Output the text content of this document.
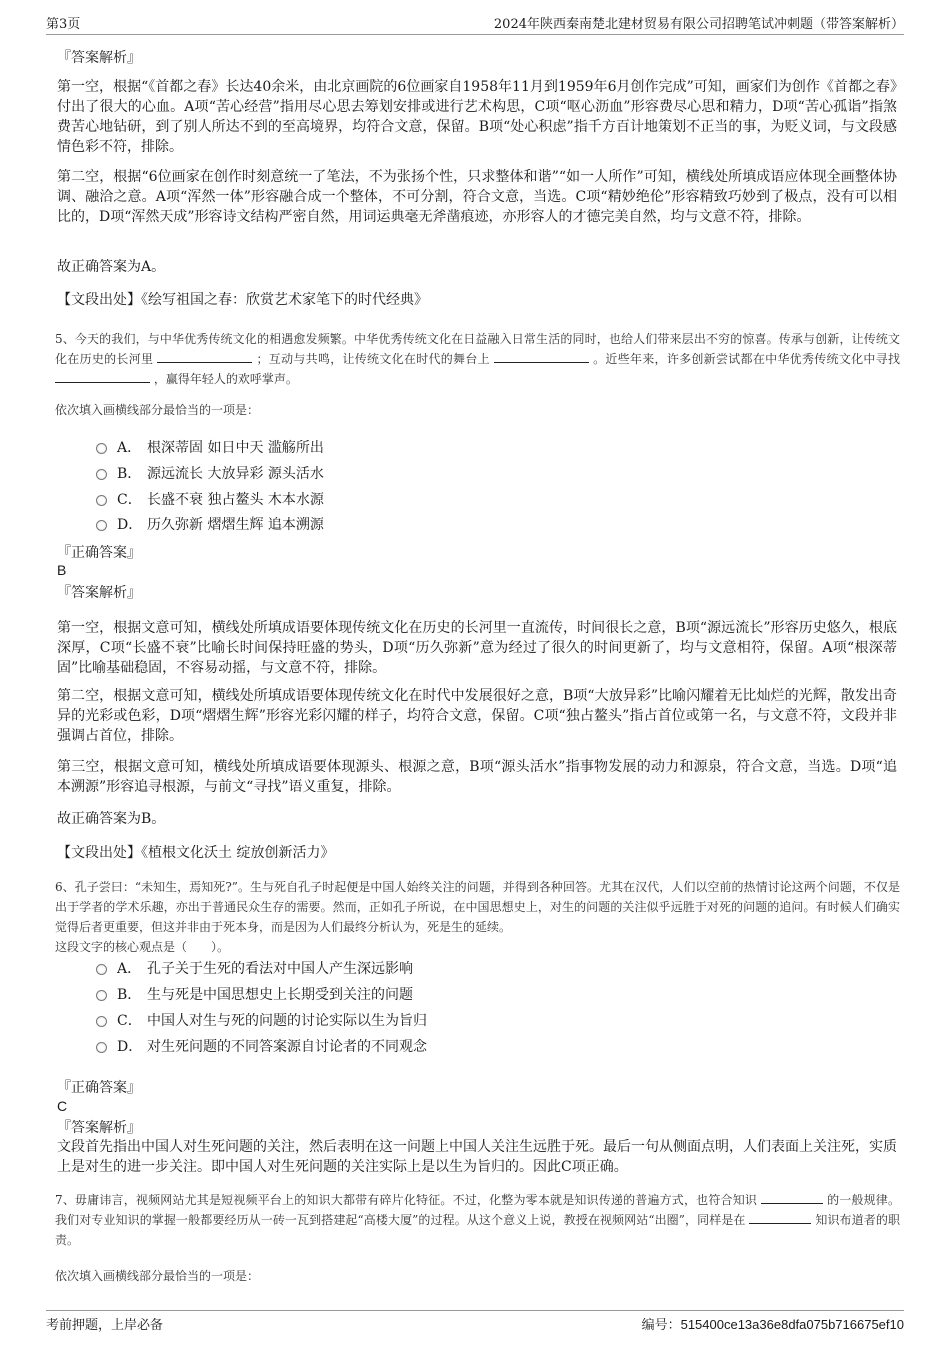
第3页	2024年陕西秦南楚北建材贸易有限公司招聘笔试冲刺题（带答案解析）
『答案解析』

第一空，根据“《首都之春》长达40余米，由北京画院的6位画家自1958年11月到1959年6月创作完成”可知，画家们为创作《首都之春》付出了很大的心血。A项“苦心经营”指用尽心思去筹划安排或进行艺术构思，C项“呕心沥血”形容费尽心思和精力，D项“苦心孤诣”指煞费苦心地钻研，到了别人所达不到的至高境界，均符合文意，保留。B项“处心积虑”指千方百计地策划不正当的事，为贬义词，与文段感情色彩不符，排除。

第二空，根据“6位画家在创作时刻意统一了笔法，不为张扬个性，只求整体和谐”“如一人所作”可知，横线处所填成语应体现全画整体协调、融洽之意。A项“浑然一体”形容融合成一个整体，不可分割，符合文意，当选。C项“精妙绝伦”形容精致巧妙到了极点，没有可以相比的，D项“浑然天成”形容诗文结构严密自然，用词运典毫无斧凿痕迹，亦形容人的才德完美自然，均与文意不符，排除。

故正确答案为A。
【文段出处】《绘写祖国之春：欣赏艺术家笔下的时代经典》
5、今天的我们，与中华优秀传统文化的相遇愈发频繁。中华优秀传统文化在日益融入日常生活的同时，也给人们带来层出不穷的惊喜。传承与创新，让传统文化在历史的长河里	；互动与共鸣，让传统文化在时代的舞台上	。近些年来，许多创新尝试都在中华优秀传统文化中寻找  ，赢得年轻人的欢呼掌声。
依次填入画横线部分最恰当的一项是：
A． 根深蒂固 如日中天 滥觞所出
B． 源远流长 大放异彩 源头活水
C． 长盛不衰 独占鳌头 木本水源
D． 历久弥新 熠熠生辉 追本溯源
『正确答案』
B
『答案解析』

第一空，根据文意可知，横线处所填成语要体现传统文化在历史的长河里一直流传，时间很长之意，B项“源远流长”形容历史悠久，根底深厚，C项“长盛不衰”比喻长时间保持旺盛的势头，D项“历久弥新”意为经过了很久的时间更新了，均与文意相符，保留。A项“根深蒂固”比喻基础稳固，不容易动摇，与文意不符，排除。

第二空，根据文意可知，横线处所填成语要体现传统文化在时代中发展很好之意，B项“大放异彩”比喻闪耀着无比灿烂的光辉，散发出奇异的光彩或色彩，D项“熠熠生辉”形容光彩闪耀的样子，均符合文意，保留。C项“独占鳌头”指占首位或第一名，与文意不符，文段并非强调占首位，排除。

第三空，根据文意可知，横线处所填成语要体现源头、根源之意，B项“源头活水”指事物发展的动力和源泉，符合文意，当选。D项“追本溯源”形容追寻根源，与前文“寻找”语义重复，排除。

故正确答案为B。
【文段出处】《植根文化沃土 绽放创新活力》
6、孔子尝曰：“未知生，焉知死?”。生与死自孔子时起便是中国人始终关注的问题，并得到各种回答。尤其在汉代，人们以空前的热情讨论这两个问题，不仅是出于学者的学术乐趣，亦出于普通民众生存的需要。然而，正如孔子所说，在中国思想史上，对生的问题的关注似乎远胜于对死的问题的追问。有时候人们确实觉得后者更重要，但这并非由于死本身，而是因为人们最终分析认为，死是生的延续。
这段文字的核心观点是（　　）。
A． 孔子关于生死的看法对中国人产生深远影响
B． 生与死是中国思想史上长期受到关注的问题
C． 中国人对生与死的问题的讨论实际以生为旨归
D． 对生死问题的不同答案源自讨论者的不同观念
『正确答案』
C
『答案解析』

文段首先指出中国人对生死问题的关注，然后表明在这一问题上中国人关注生远胜于死。最后一句从侧面点明，人们表面上关注死，实质上是对生的进一步关注。即中国人对生死问题的关注实际上是以生为旨归的。因此C项正确。

7、毋庸讳言，视频网站尤其是短视频平台上的知识大都带有碎片化特征。不过，化整为零本就是知识传递的普遍方式，也符合知识	的一般规律。我们对专业知识的掌握一般都要经历从一砖一瓦到搭建起“高楼大厦”的过程。从这个意义上说，教授在视频网站“出圈”，同样是在	知识布道者的职责。
依次填入画横线部分最恰当的一项是：
考前押题，上岸必备	编号：515400ce13a36e8dfa075b716675ef10
